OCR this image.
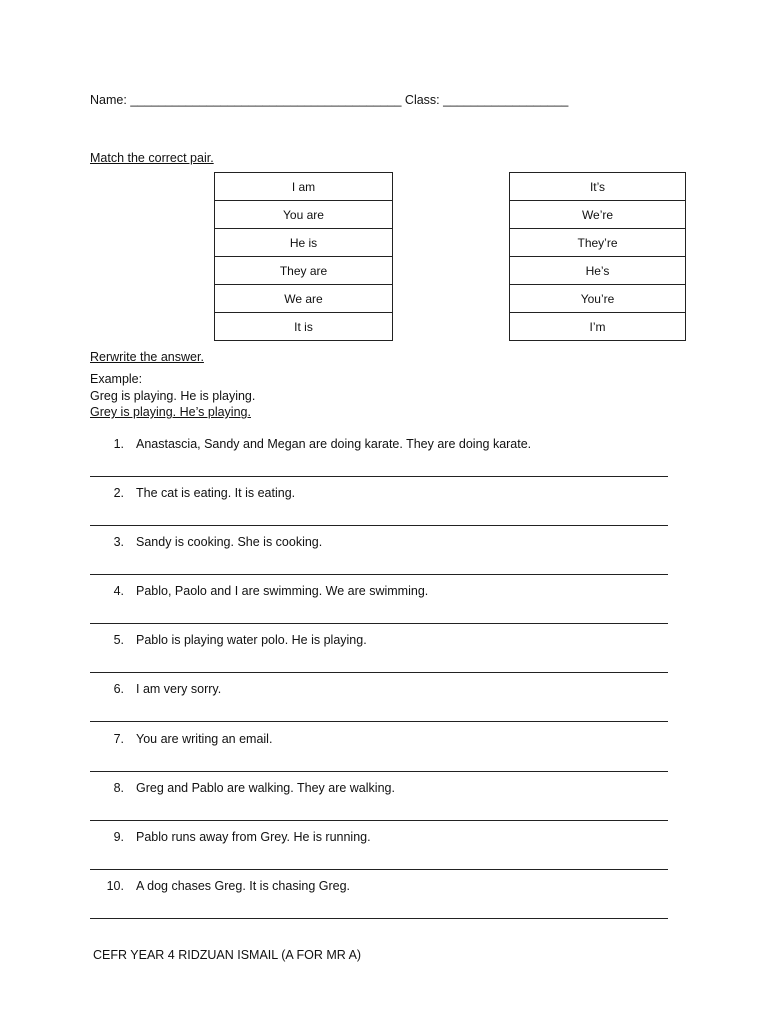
Name: _______________________________________ Class: __________________
Match the correct pair.
I am
You are
He is
They are
We are
It is
It’s
We’re
They’re
He’s
You’re
I’m
Rerwrite the answer.
Example:
Greg is playing. He is playing.
Grey is playing. He’s playing.
1. Anastascia, Sandy and Megan are doing karate. They are doing karate.
2. The cat is eating. It is eating.
3. Sandy is cooking. She is cooking.
4. Pablo, Paolo and I are swimming. We are swimming.
5. Pablo is playing water polo. He is playing.
6. I am very sorry.
7. You are writing an email.
8. Greg and Pablo are walking. They are walking.
9. Pablo runs away from Grey. He is running.
10. A dog chases Greg. It is chasing Greg.
CEFR YEAR 4 RIDZUAN ISMAIL (A FOR MR A)
